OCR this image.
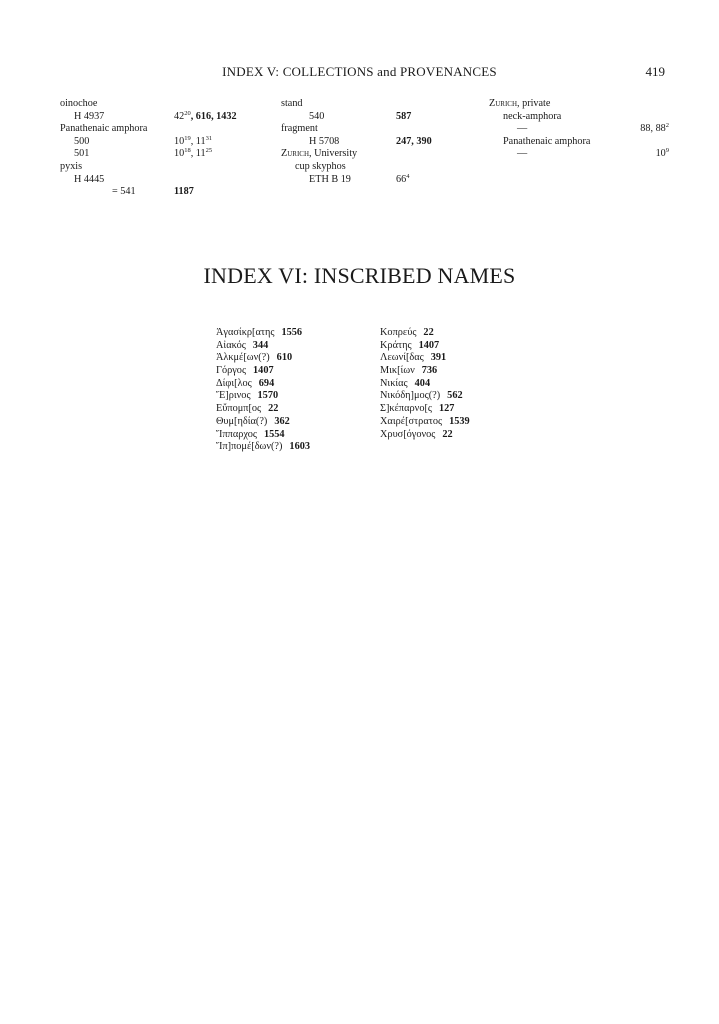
INDEX V: COLLECTIONS and PROVENANCES	419
oinochoe
H 4937	$42^{20}$, 616, 1432
Panathenaic amphora
500	$10^{19}$, $11^{31}$
501	$10^{18}$, $11^{25}$
pyxis
H 4445
= 541	1187
stand
540	587
fragment
H 5708	247, 390
Zurich, University
cup skyphos
ETH B 19	$66^4$
Zurich, private
neck-amphora
—	88, $88^2$
Panathenaic amphora
—	$10^9$
INDEX VI: INSCRIBED NAMES
Ἀγασίκρ[ατης 1556
Αἰακός 344
Ἀλκμέ[ων(?) 610
Γόργος 1407
Δίφι[λος 694
Ἔ]ρινος 1570
Εὔπομπ[ος 22
Θυμ[ηδία(?) 362
Ἵππαρχος 1554
Ἵπ]πομέ[δων(?) 1603
Κοπρεύς 22
Κράτης 1407
Λεωνί[δας 391
Μικ[ίων 736
Νικίας 404
Νικόδη]μος(?) 562
Σ]κέπαρνο[ς 127
Χαιρέ[στρατος 1539
Χρυσ[όγονος 22
